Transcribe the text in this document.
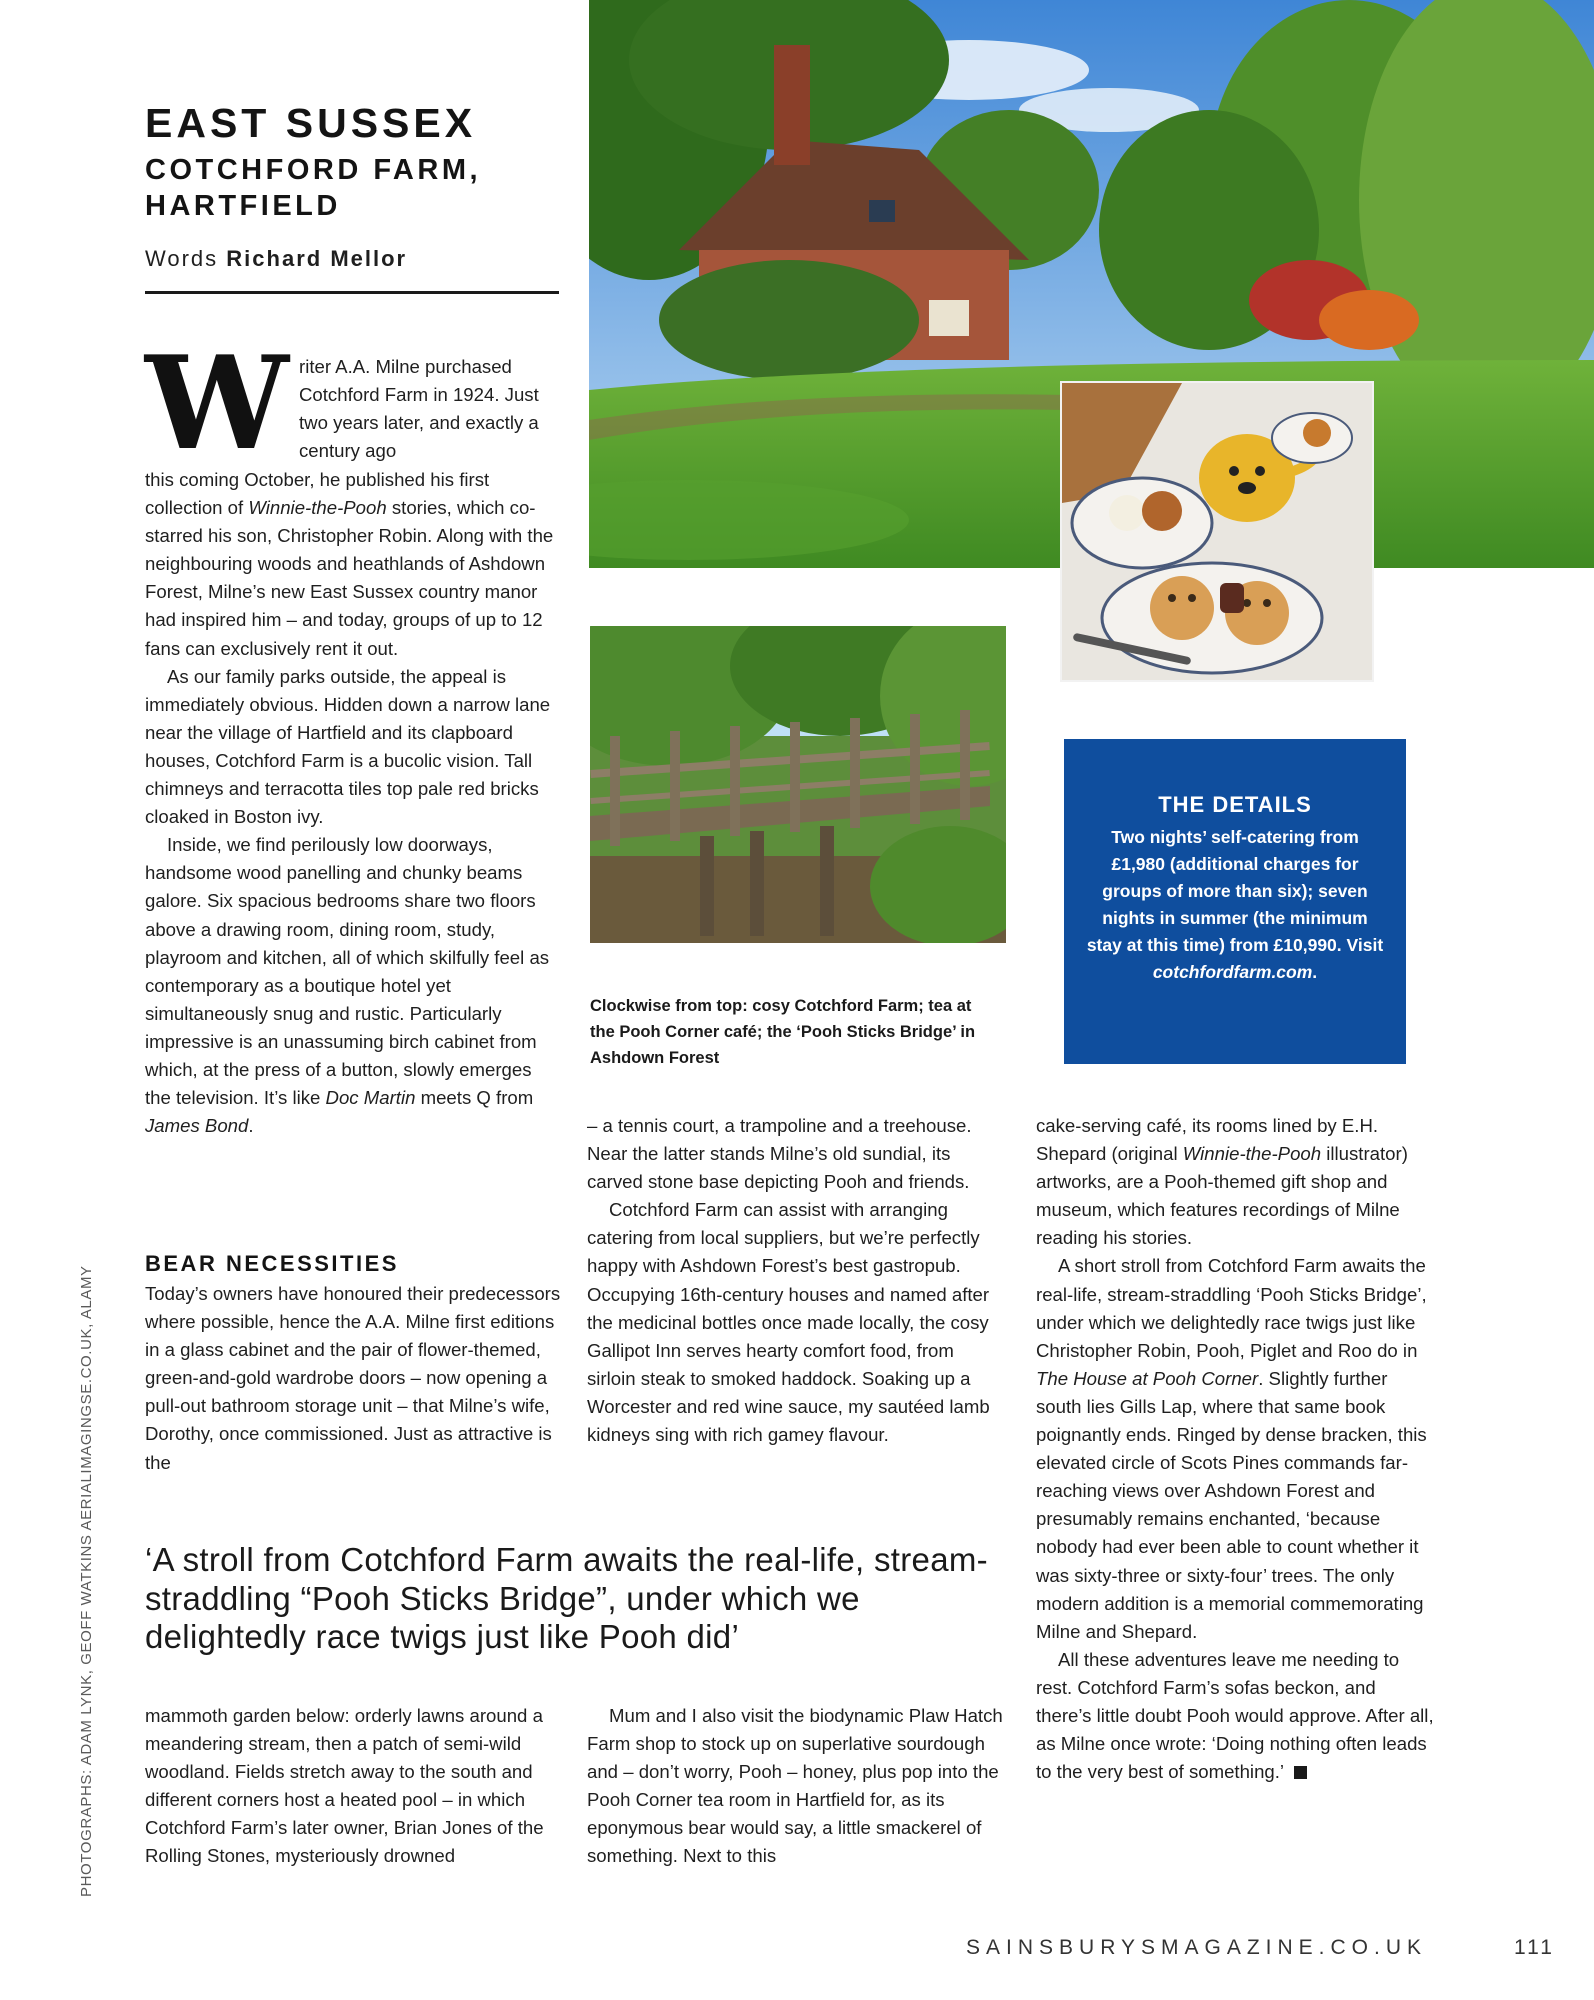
EAST SUSSEX
COTCHFORD FARM, HARTFIELD
Words Richard Mellor
W riter A.A. Milne purchased Cotchford Farm in 1924. Just two years later, and exactly a century ago

this coming October, he published his first collection of Winnie-the-Pooh stories, which co-starred his son, Christopher Robin. Along with the neighbouring woods and heathlands of Ashdown Forest, Milne’s new East Sussex country manor had inspired him – and today, groups of up to 12 fans can exclusively rent it out.

As our family parks outside, the appeal is immediately obvious. Hidden down a narrow lane near the village of Hartfield and its clapboard houses, Cotchford Farm is a bucolic vision. Tall chimneys and terracotta tiles top pale red bricks cloaked in Boston ivy.

Inside, we find perilously low doorways, handsome wood panelling and chunky beams galore. Six spacious bedrooms share two floors above a drawing room, dining room, study, playroom and kitchen, all of which skilfully feel as contemporary as a boutique hotel yet simultaneously snug and rustic. Particularly impressive is an unassuming birch cabinet from which, at the press of a button, slowly emerges the television. It’s like Doc Martin meets Q from James Bond.

BEAR NECESSITIES

Today’s owners have honoured their predecessors where possible, hence the A.A. Milne first editions in a glass cabinet and the pair of flower-themed, green-and-gold wardrobe doors – now opening a pull-out bathroom storage unit – that Milne’s wife, Dorothy, once commissioned. Just as attractive is the

– a tennis court, a trampoline and a treehouse. Near the latter stands Milne’s old sundial, its carved stone base depicting Pooh and friends.

Cotchford Farm can assist with arranging catering from local suppliers, but we’re perfectly happy with Ashdown Forest’s best gastropub. Occupying 16th-century houses and named after the medicinal bottles once made locally, the cosy Gallipot Inn serves hearty comfort food, from sirloin steak to smoked haddock. Soaking up a Worcester and red wine sauce, my sautéed lamb kidneys sing with rich gamey flavour.

cake-serving café, its rooms lined by E.H. Shepard (original Winnie-the-Pooh illustrator) artworks, are a Pooh-themed gift shop and museum, which features recordings of Milne reading his stories.

A short stroll from Cotchford Farm awaits the real-life, stream-straddling ‘Pooh Sticks Bridge’, under which we delightedly race twigs just like Christopher Robin, Pooh, Piglet and Roo do in The House at Pooh Corner. Slightly further south lies Gills Lap, where that same book poignantly ends. Ringed by dense bracken, this elevated circle of Scots Pines commands far-reaching views over Ashdown Forest and presumably remains enchanted, ‘because nobody had ever been able to count whether it was sixty-three or sixty-four’ trees. The only modern addition is a memorial commemorating Milne and Shepard.

All these adventures leave me needing to rest. Cotchford Farm’s sofas beckon, and there’s little doubt Pooh would approve. After all, as Milne once wrote: ‘Doing nothing often leads to the very best of something.’

‘A stroll from Cotchford Farm awaits the real-life, stream-straddling “Pooh Sticks Bridge”, under which we delightedly race twigs just like Pooh did’

mammoth garden below: orderly lawns around a meandering stream, then a patch of semi-wild woodland. Fields stretch away to the south and different corners host a heated pool – in which Cotchford Farm’s later owner, Brian Jones of the Rolling Stones, mysteriously drowned

Mum and I also visit the biodynamic Plaw Hatch Farm shop to stock up on superlative sourdough and – don’t worry, Pooh – honey, plus pop into the Pooh Corner tea room in Hartfield for, as its eponymous bear would say, a little smackerel of something. Next to this

Clockwise from top: cosy Cotchford Farm; tea at the Pooh Corner café; the ‘Pooh Sticks Bridge’ in Ashdown Forest
THE DETAILS
Two nights’ self-catering from £1,980 (additional charges for groups of more than six); seven nights in summer (the minimum stay at this time) from £10,990. Visit cotchfordfarm.com.
PHOTOGRAPHS: ADAM LYNK, GEOFF WATKINS AERIALIMAGINGSE.CO.UK, ALAMY
SAINSBURYSMAGAZINE.CO.UK	111
